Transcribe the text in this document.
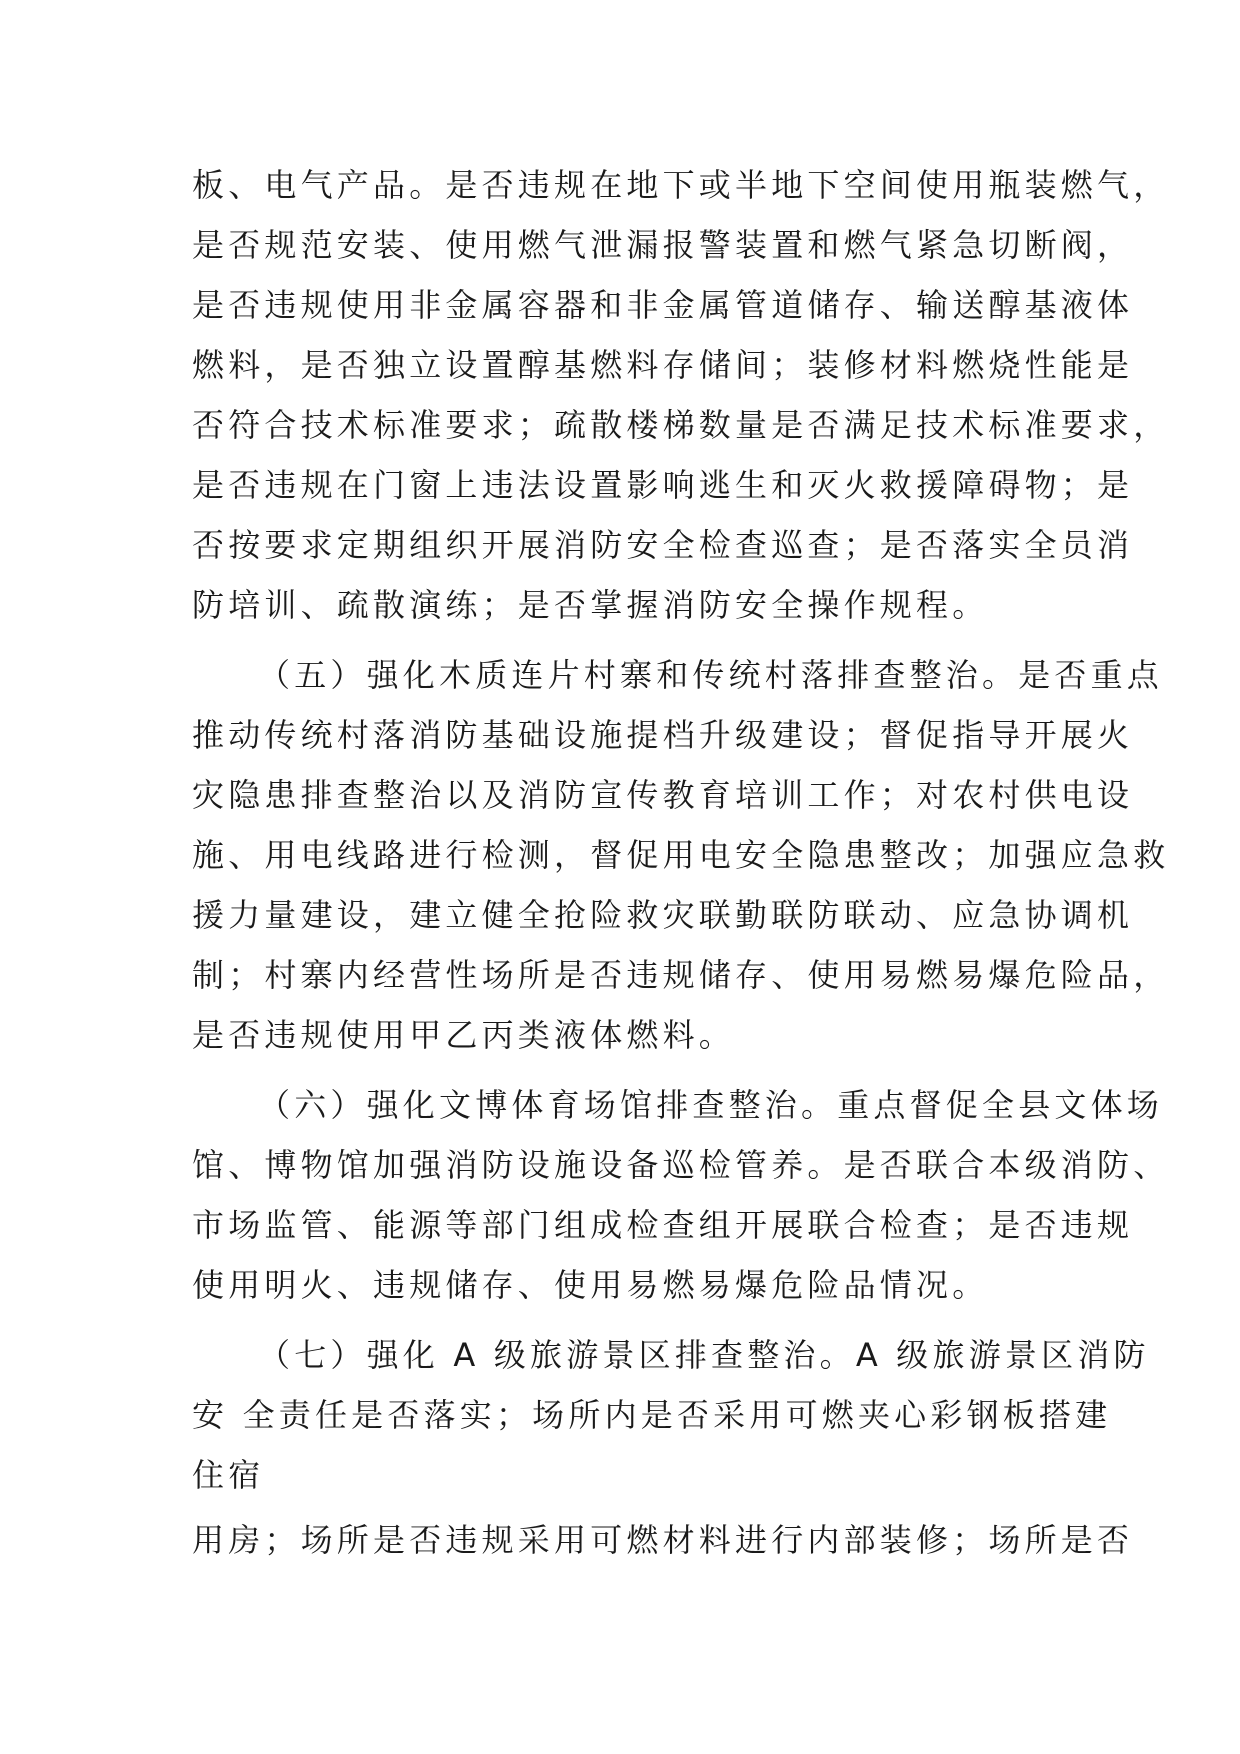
板、电气产品。是否违规在地下或半地下空间使用瓶装燃气，
是否规范安装、使用燃气泄漏报警装置和燃气紧急切断阀，
是否违规使用非金属容器和非金属管道储存、输送醇基液体
燃料，是否独立设置醇基燃料存储间；装修材料燃烧性能是
否符合技术标准要求；疏散楼梯数量是否满足技术标准要求，
是否违规在门窗上违法设置影响逃生和灭火救援障碍物；是
否按要求定期组织开展消防安全检查巡查；是否落实全员消
防培训、疏散演练；是否掌握消防安全操作规程。
（五）强化木质连片村寨和传统村落排查整治。是否重点
推动传统村落消防基础设施提档升级建设；督促指导开展火
灾隐患排查整治以及消防宣传教育培训工作；对农村供电设
施、用电线路进行检测，督促用电安全隐患整改；加强应急救
援力量建设，建立健全抢险救灾联勤联防联动、应急协调机
制；村寨内经营性场所是否违规储存、使用易燃易爆危险品，
是否违规使用甲乙丙类液体燃料。
（六）强化文博体育场馆排查整治。重点督促全县文体场
馆、博物馆加强消防设施设备巡检管养。是否联合本级消防、
市场监管、能源等部门组成检查组开展联合检查；是否违规
使用明火、违规储存、使用易燃易爆危险品情况。
（七）强化 A 级旅游景区排查整治。A 级旅游景区消防
安 全责任是否落实；场所内是否采用可燃夹心彩钢板搭建
住宿
用房；场所是否违规采用可燃材料进行内部装修；场所是否
